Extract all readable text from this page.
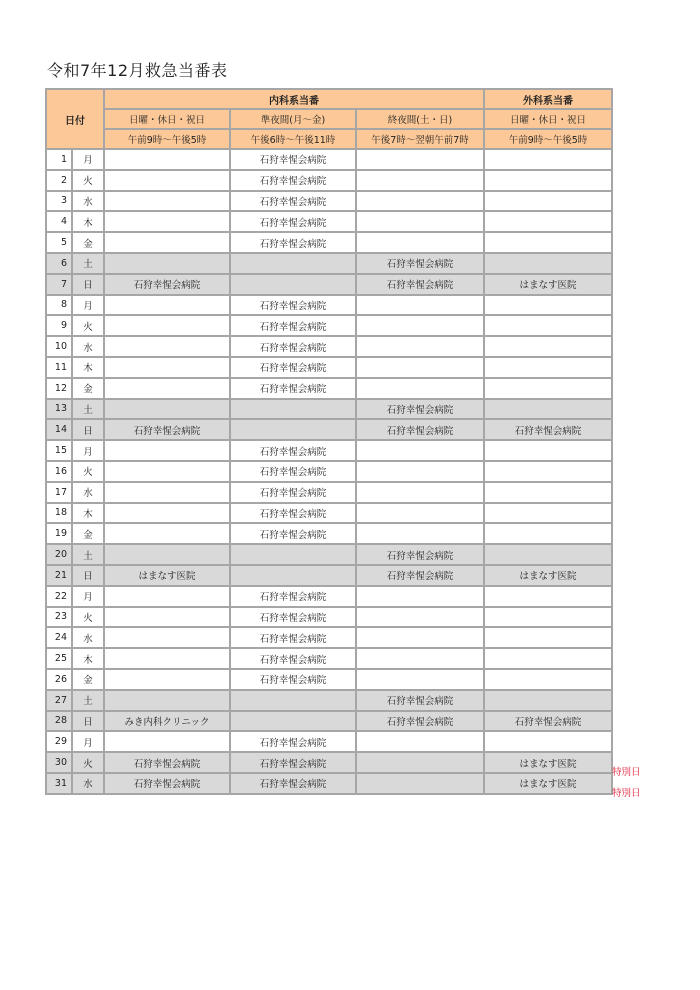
令和7年12月救急当番表
日付		内科系当番			外科系当番
		日曜・休日・祝日	準夜間(月～金)	終夜間(土・日)	日曜・休日・祝日
		午前9時～午後5時	午後6時～午後11時	午後7時～翌朝午前7時	午前9時～午後5時
1	月		石狩幸惺会病院		
2	火		石狩幸惺会病院		
3	水		石狩幸惺会病院		
4	木		石狩幸惺会病院		
5	金		石狩幸惺会病院		
6	土			石狩幸惺会病院	
7	日	石狩幸惺会病院		石狩幸惺会病院	はまなす医院
8	月		石狩幸惺会病院		
9	火		石狩幸惺会病院		
10	水		石狩幸惺会病院		
11	木		石狩幸惺会病院		
12	金		石狩幸惺会病院		
13	土			石狩幸惺会病院	
14	日	石狩幸惺会病院		石狩幸惺会病院	石狩幸惺会病院
15	月		石狩幸惺会病院		
16	火		石狩幸惺会病院		
17	水		石狩幸惺会病院		
18	木		石狩幸惺会病院		
19	金		石狩幸惺会病院		
20	土			石狩幸惺会病院	
21	日	はまなす医院		石狩幸惺会病院	はまなす医院
22	月		石狩幸惺会病院		
23	火		石狩幸惺会病院		
24	水		石狩幸惺会病院		
25	木		石狩幸惺会病院		
26	金		石狩幸惺会病院		
27	土			石狩幸惺会病院	
28	日	みき内科クリニック		石狩幸惺会病院	石狩幸惺会病院
29	月		石狩幸惺会病院		
30	火	石狩幸惺会病院	石狩幸惺会病院		はまなす医院
31	水	石狩幸惺会病院	石狩幸惺会病院		はまなす医院
特別日
特別日
